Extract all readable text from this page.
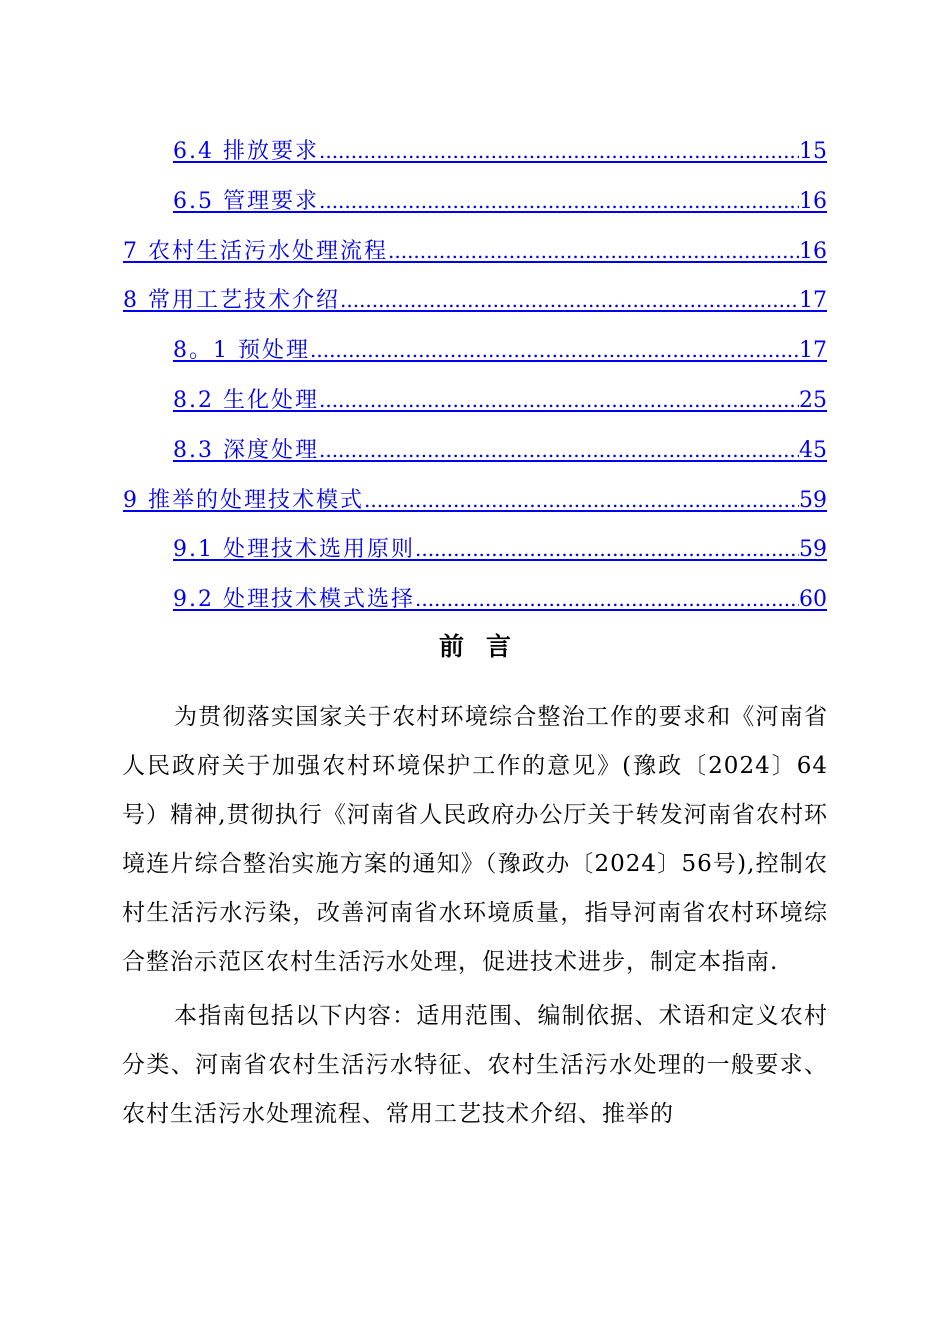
6.4 排放要求 .....	15
6.5 管理要求 .....	16
7 农村生活污水处理流程 .....	16
8 常用工艺技术介绍 .....	17
8。1 预处理 .....	17
8.2 生化处理 .....	25
8.3 深度处理 .....	45
9 推举的处理技术模式 .....	59
9.1 处理技术选用原则 .....	59
9.2 处理技术模式选择 .....	60
前言

为贯彻落实国家关于农村环境综合整治工作的要求和《河南省人民政府关于加强农村环境保护工作的意见》(豫政〔2024〕64号）精神,贯彻执行《河南省人民政府办公厅关于转发河南省农村环境连片综合整治实施方案的通知》（豫政办〔2024〕56号),控制农村生活污水污染，改善河南省水环境质量，指导河南省农村环境综合整治示范区农村生活污水处理，促进技术进步，制定本指南.

本指南包括以下内容：适用范围、编制依据、术语和定义农村分类、河南省农村生活污水特征、农村生活污水处理的一般要求、农村生活污水处理流程、常用工艺技术介绍、推举的
